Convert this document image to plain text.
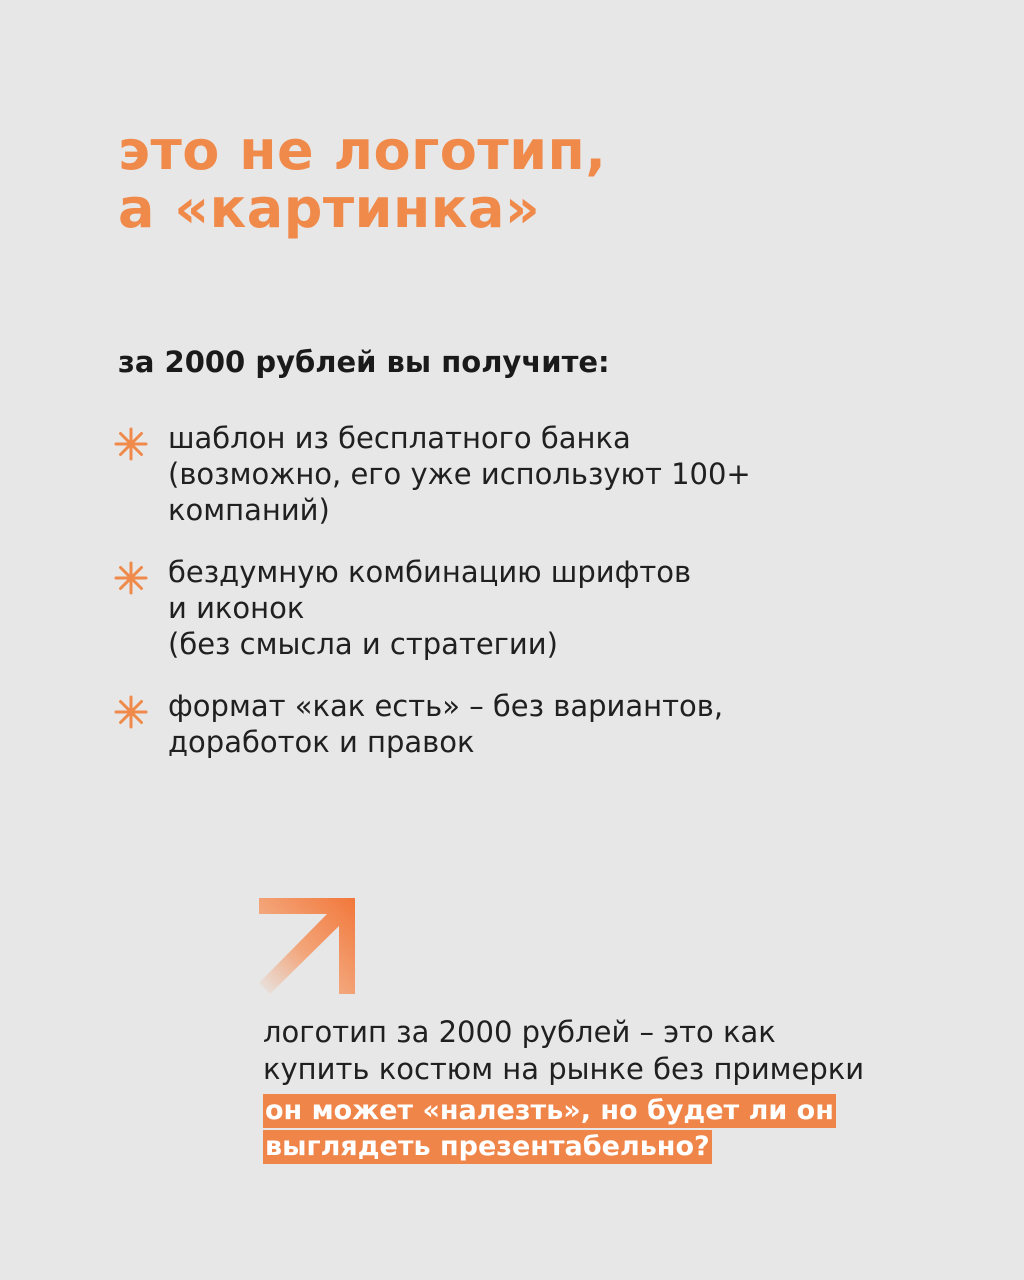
это не логотип,
а «картинка»

за 2000 рублей вы получите:

шаблон из бесплатного банка
(возможно, его уже используют 100+
компаний)
бездумную комбинацию шрифтов
и иконок
(без смысла и стратегии)
формат «как есть» – без вариантов,
доработок и правок
логотип за 2000 рублей – это как
купить костюм на рынке без примерки
он может «налезть», но будет ли он
выглядеть презентабельно?
